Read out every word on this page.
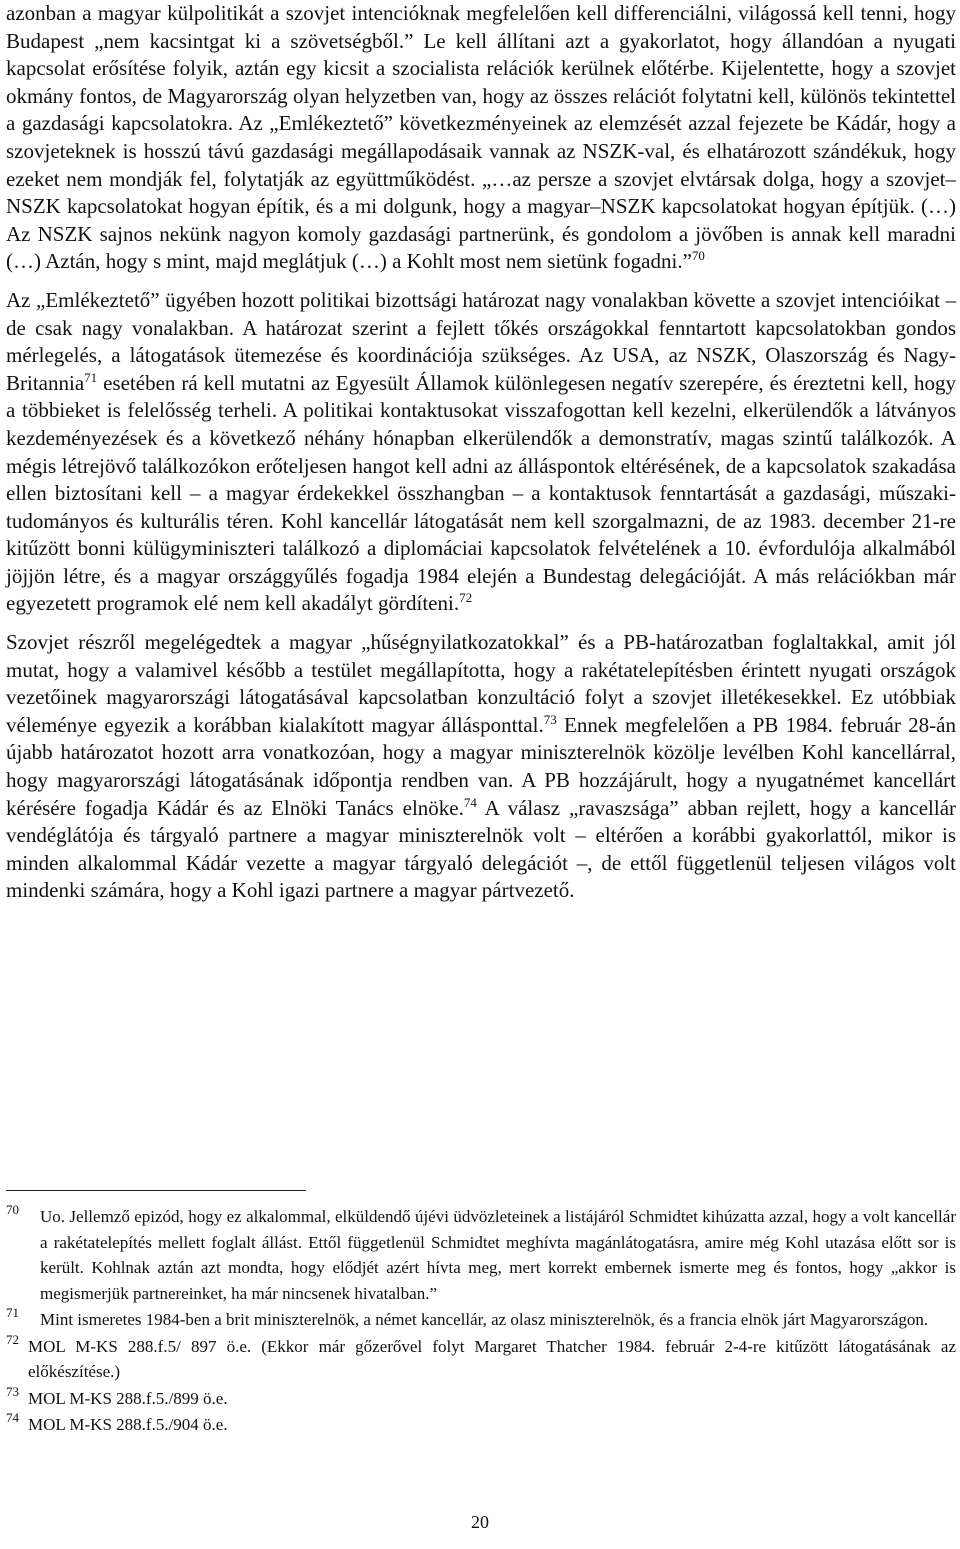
azonban a magyar külpolitikát a szovjet intencióknak megfelelően kell differenciálni, világossá kell tenni, hogy Budapest „nem kacsintgat ki a szövetségből.” Le kell állítani azt a gyakorlatot, hogy állandóan a nyugati kapcsolat erősítése folyik, aztán egy kicsit a szocialista relációk kerülnek előtérbe. Kijelentette, hogy a szovjet okmány fontos, de Magyarország olyan helyzetben van, hogy az összes relációt folytatni kell, különös tekintettel a gazdasági kapcsolatokra. Az „Emlékeztető” következményeinek az elemzését azzal fejezete be Kádár, hogy a szovjeteknek is hosszú távú gazdasági megállapodásaik vannak az NSZK-val, és elhatározott szándékuk, hogy ezeket nem mondják fel, folytatják az együttműködést. „…az persze a szovjet elvtársak dolga, hogy a szovjet–NSZK kapcsolatokat hogyan építik, és a mi dolgunk, hogy a magyar–NSZK kapcsolatokat hogyan építjük. (…) Az NSZK sajnos nekünk nagyon komoly gazdasági partnerünk, és gondolom a jövőben is annak kell maradni (…) Aztán, hogy s mint, majd meglátjuk (…) a Kohlt most nem sietünk fogadni.”$^{70}$

Az „Emlékeztető” ügyében hozott politikai bizottsági határozat nagy vonalakban követte a szovjet intencióikat – de csak nagy vonalakban. A határozat szerint a fejlett tőkés országokkal fenntartott kapcsolatokban gondos mérlegelés, a látogatások ütemezése és koordinációja szükséges. Az USA, az NSZK, Olaszország és Nagy-Britannia$^{71}$ esetében rá kell mutatni az Egyesült Államok különlegesen negatív szerepére, és éreztetni kell, hogy a többieket is felelősség terheli. A politikai kontaktusokat visszafogottan kell kezelni, elkerülendők a látványos kezdeményezések és a következő néhány hónapban elkerülendők a demonstratív, magas szintű találkozók. A mégis létrejövő találkozókon erőteljesen hangot kell adni az álláspontok eltérésének, de a kapcsolatok szakadása ellen biztosítani kell – a magyar érdekekkel összhangban – a kontaktusok fenntartását a gazdasági, műszaki-tudományos és kulturális téren. Kohl kancellár látogatását nem kell szorgalmazni, de az 1983. december 21-re kitűzött bonni külügyminiszteri találkozó a diplomáciai kapcsolatok felvételének a 10. évfordulója alkalmából jöjjön létre, és a magyar országgyűlés fogadja 1984 elején a Bundestag delegációját. A más relációkban már egyezetett programok elé nem kell akadályt gördíteni.$^{72}$

Szovjet részről megelégedtek a magyar „hűségnyilatkozatokkal” és a PB-határozatban foglaltakkal, amit jól mutat, hogy a valamivel később a testület megállapította, hogy a rakétatelepítésben érintett nyugati országok vezetőinek magyarországi látogatásával kapcsolatban konzultáció folyt a szovjet illetékesekkel. Ez utóbbiak véleménye egyezik a korábban kialakított magyar állásponttal.$^{73}$ Ennek megfelelően a PB 1984. február 28-án újabb határozatot hozott arra vonatkozóan, hogy a magyar miniszterelnök közölje levélben Kohl kancellárral, hogy magyarországi látogatásának időpontja rendben van. A PB hozzájárult, hogy a nyugatnémet kancellárt kérésére fogadja Kádár és az Elnöki Tanács elnöke.$^{74}$ A válasz „ravaszsága” abban rejlett, hogy a kancellár vendéglátója és tárgyaló partnere a magyar miniszterelnök volt – eltérően a korábbi gyakorlattól, mikor is minden alkalommal Kádár vezette a magyar tárgyaló delegációt –, de ettől függetlenül teljesen világos volt mindenki számára, hogy a Kohl igazi partnere a magyar pártvezető.

70 Uo. Jellemző epizód, hogy ez alkalommal, elküldendő újévi üdvözleteinek a listájáról Schmidtet kihúzatta azzal, hogy a volt kancellár a rakétatelepítés mellett foglalt állást. Ettől függetlenül Schmidtet meghívta magánlátogatásra, amire még Kohl utazása előtt sor is került. Kohlnak aztán azt mondta, hogy elődjét azért hívta meg, mert korrekt embernek ismerte meg és fontos, hogy „akkor is megismerjük partnereinket, ha már nincsenek hivatalban.”
71 Mint ismeretes 1984-ben a brit miniszterelnök, a német kancellár, az olasz miniszterelnök, és a francia elnök járt Magyarországon.
72 MOL M-KS 288.f.5/ 897 ö.e. (Ekkor már gőzerővel folyt Margaret Thatcher 1984. február 2-4-re kitűzött látogatásának az előkészítése.)
73 MOL M-KS 288.f.5./899 ö.e.
74 MOL M-KS 288.f.5./904 ö.e.
20
